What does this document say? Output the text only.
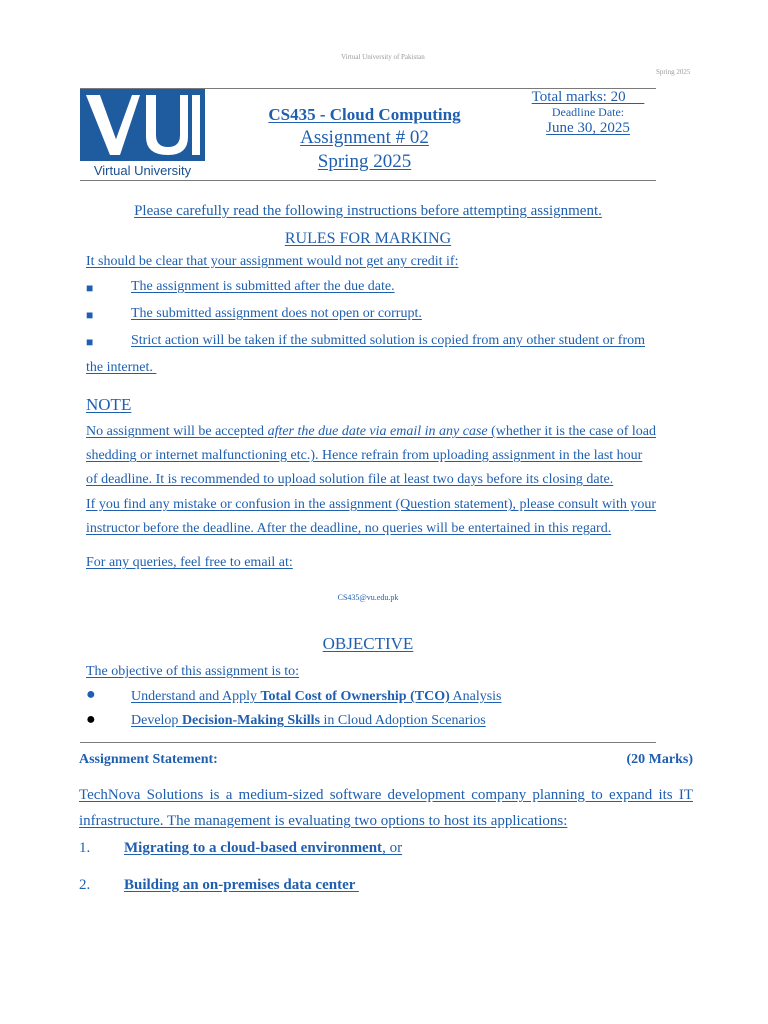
Virtual University of Pakistan
Spring 2025
Virtual University
CS435 - Cloud Computing
Assignment # 02
Spring 2025
Total marks: 20
Deadline Date:
June 30, 2025
Please carefully read the following instructions before attempting assignment.
RULES FOR MARKING
It should be clear that your assignment would not get any credit if:
■	The assignment is submitted after the due date.
■	The submitted assignment does not open or corrupt.
■	Strict action will be taken if the submitted solution is copied from any other student or from
the internet.
NOTE
No assignment will be accepted after the due date via email in any case (whether it is the case of load
shedding or internet malfunctioning etc.). Hence refrain from uploading assignment in the last hour
of deadline. It is recommended to upload solution file at least two days before its closing date.
If you find any mistake or confusion in the assignment (Question statement), please consult with your
instructor before the deadline. After the deadline, no queries will be entertained in this regard.
For any queries, feel free to email at:
CS435@vu.edu.pk
OBJECTIVE
The objective of this assignment is to:
●	Understand and Apply Total Cost of Ownership (TCO) Analysis
●	Develop Decision-Making Skills in Cloud Adoption Scenarios
Assignment Statement:	(20 Marks)
TechNova Solutions is a medium-sized software development company planning to expand its IT
infrastructure. The management is evaluating two options to host its applications:
1. Migrating to a cloud-based environment, or
2. Building an on-premises data center
